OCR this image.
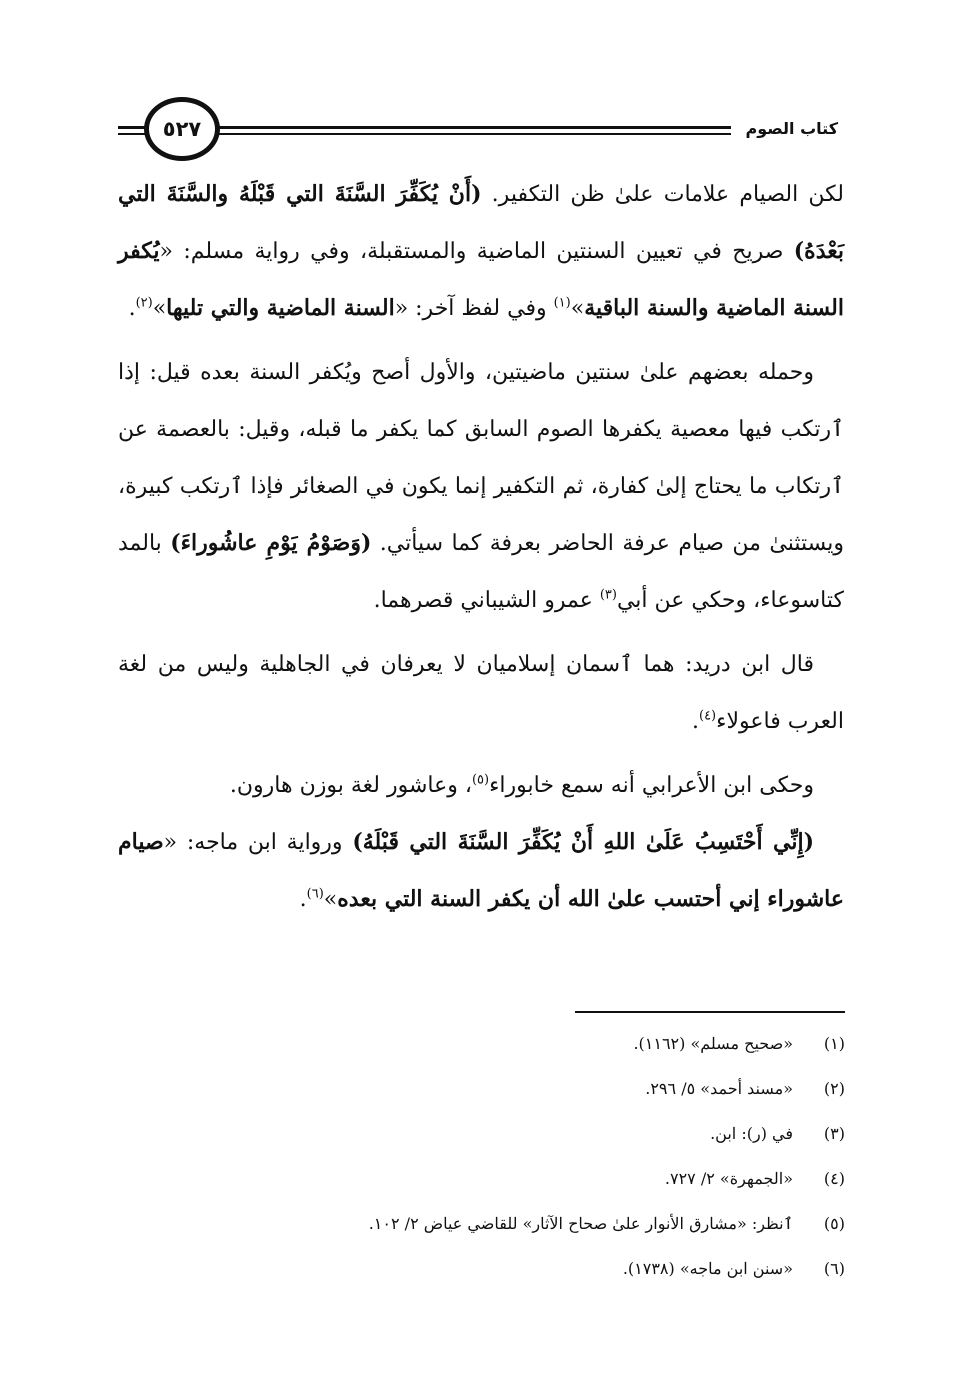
كتاب الصوم
٥٢٧

لكن الصيام علامات علىٰ ظن التكفير. (أَنْ يُكَفِّرَ السَّنَةَ التي قَبْلَهُ والسَّنَةَ التي بَعْدَهُ) صريح في تعيين السنتين الماضية والمستقبلة، وفي رواية مسلم: «يُكفر السنة الماضية والسنة الباقية»$^{(١)}$ وفي لفظ آخر: «السنة الماضية والتي تليها»$^{(٢)}$.

وحمله بعضهم علىٰ سنتين ماضيتين، والأول أصح ويُكفر السنة بعده قيل: إذا ٱرتكب فيها معصية يكفرها الصوم السابق كما يكفر ما قبله، وقيل: بالعصمة عن ٱرتكاب ما يحتاج إلىٰ كفارة، ثم التكفير إنما يكون في الصغائر فإذا ٱرتكب كبيرة، ويستثنىٰ من صيام عرفة الحاضر بعرفة كما سيأتي. (وَصَوْمُ يَوْمِ عاشُوراءَ) بالمد كتاسوعاء، وحكي عن أبي$^{(٣)}$ عمرو الشيباني قصرهما.

قال ابن دريد: هما ٱسمان إسلاميان لا يعرفان في الجاهلية وليس من لغة العرب فاعولاء$^{(٤)}$.

وحكى ابن الأعرابي أنه سمع خابوراء$^{(٥)}$، وعاشور لغة بوزن هارون.

(إِنِّي أَحْتَسِبُ عَلَىٰ اللهِ أَنْ يُكَفِّرَ السَّنَةَ التي قَبْلَهُ) ورواية ابن ماجه: «صيام عاشوراء إني أحتسب علىٰ الله أن يكفر السنة التي بعده»$^{(٦)}$.

(١)
«صحيح مسلم» (١١٦٢).
(٢)
«مسند أحمد» ٥/ ٢٩٦.
(٣)
في (ر): ابن.
(٤)
«الجمهرة» ٢/ ٧٢٧.
(٥)
ٱنظر: «مشارق الأنوار علىٰ صحاح الآثار» للقاضي عياض ٢/ ١٠٢.
(٦)
«سنن ابن ماجه» (١٧٣٨).
